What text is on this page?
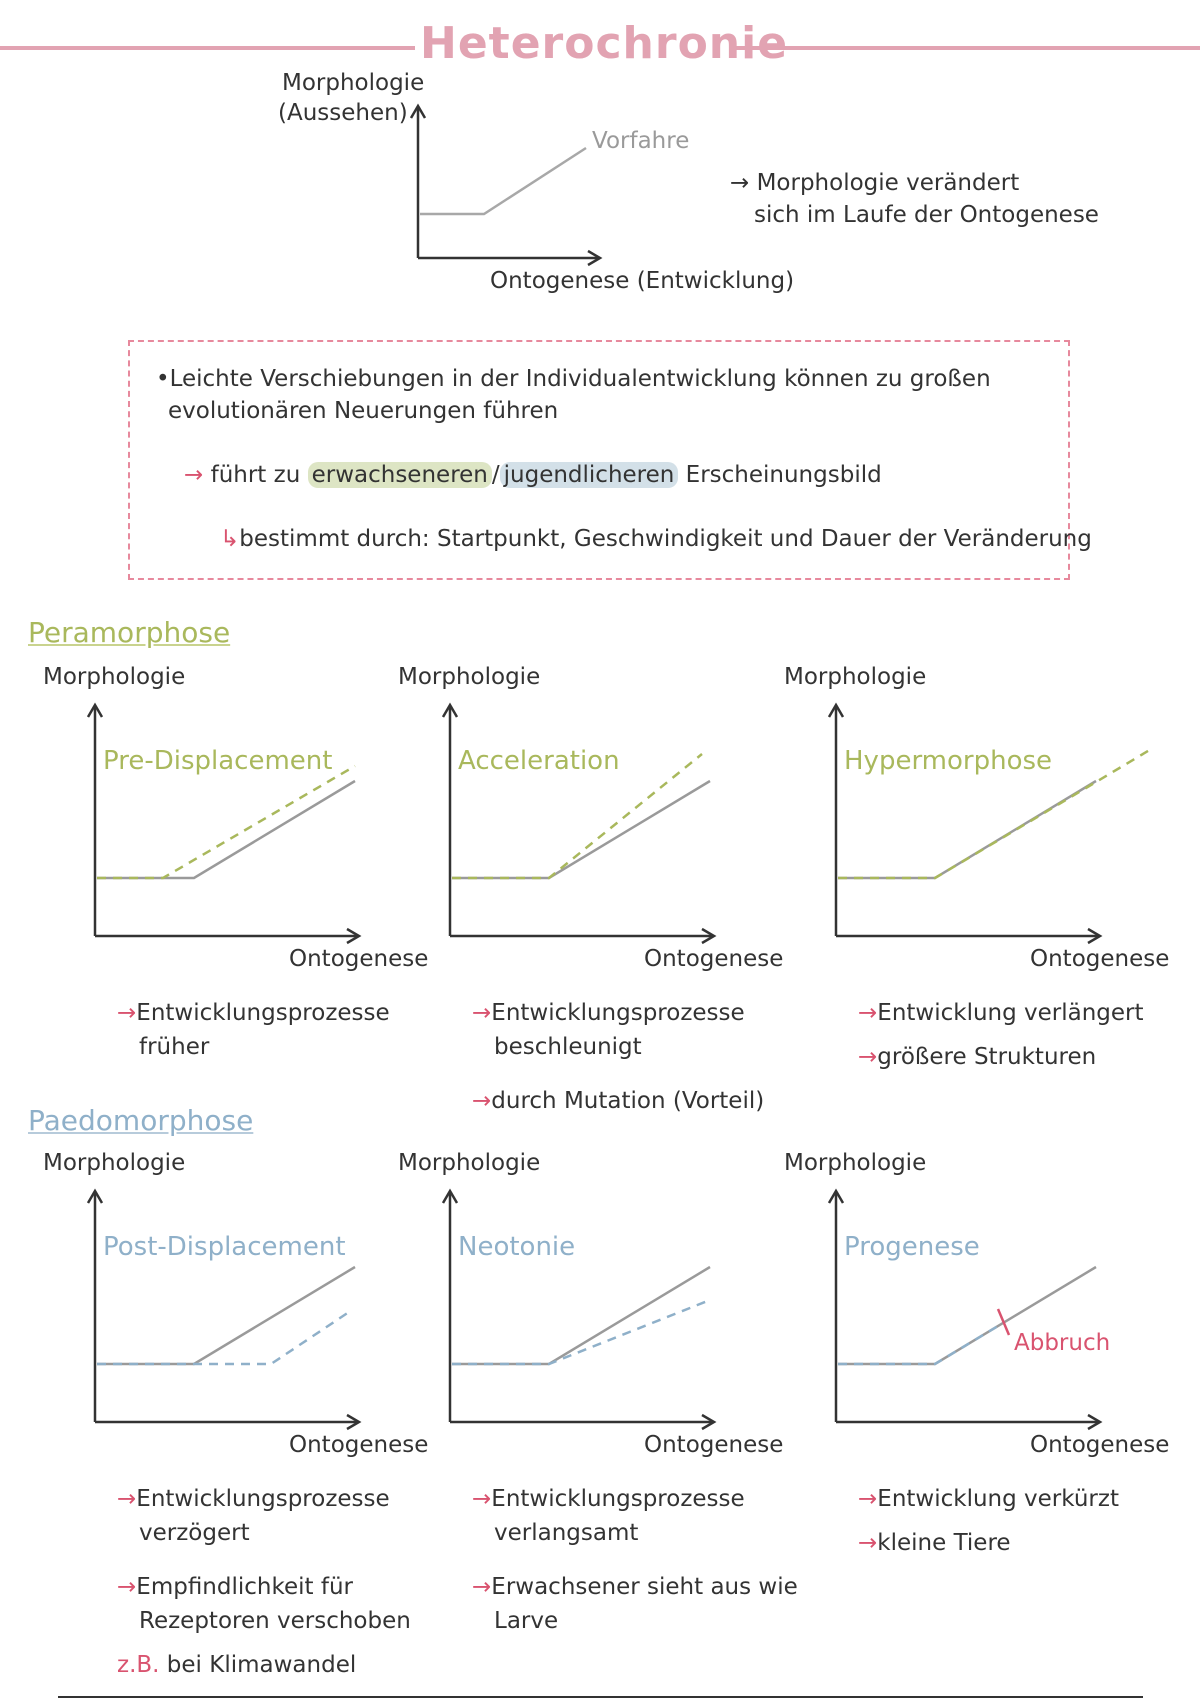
Heterochronie
Morphologie
(Aussehen)
Vorfahre
Ontogenese (Entwicklung)
→ Morphologie verändert
sich im Laufe der Ontogenese
•Leichte Verschiebungen in der Individualentwicklung können zu großen
evolutionären Neuerungen führen
→ führt zu erwachseneren / jugendlicheren Erscheinungsbild
↳bestimmt durch: Startpunkt, Geschwindigkeit und Dauer der Veränderung
Peramorphose
Paedomorphose
Morphologie
Ontogenese
Pre-Displacement
→Entwicklungsprozesse
früher
Morphologie
Ontogenese
Acceleration
→Entwicklungsprozesse
beschleunigt
→durch Mutation (Vorteil)
Morphologie
Ontogenese
Hypermorphose
→Entwicklung verlängert
→größere Strukturen
Morphologie
Ontogenese
Post-Displacement
→Entwicklungsprozesse
verzögert
→Empfindlichkeit für
Rezeptoren verschoben
z.B. bei Klimawandel
Morphologie
Ontogenese
Neotonie
→Entwicklungsprozesse
verlangsamt
→Erwachsener sieht aus wie
Larve
Morphologie
Ontogenese
Progenese
Abbruch
→Entwicklung verkürzt
→kleine Tiere
